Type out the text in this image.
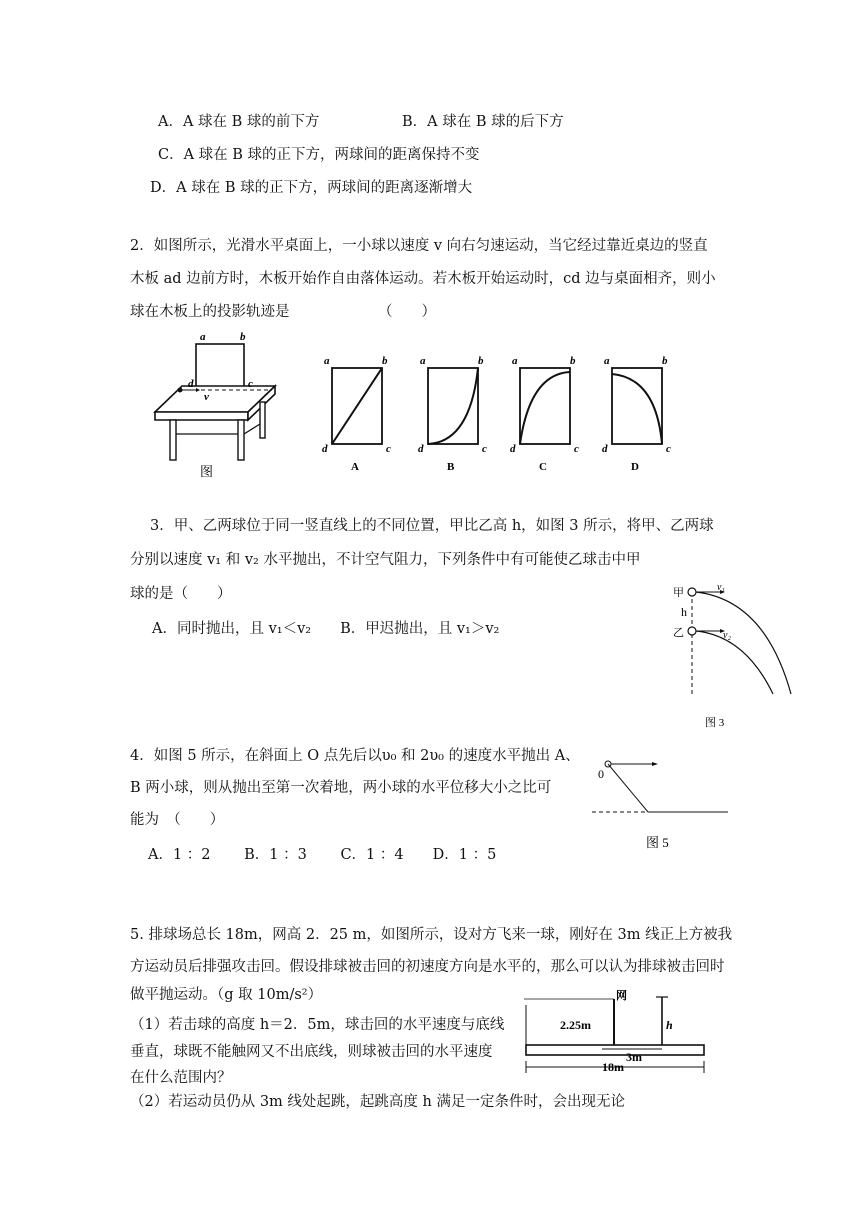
A．A 球在 B 球的前下方	B．A 球在 B 球的后下方
C．A 球在 B 球的正下方，两球间的距离保持不变
D．A 球在 B 球的正下方，两球间的距离逐渐增大
2．如图所示，光滑水平桌面上，一小球以速度 v 向右匀速运动，当它经过靠近桌边的竖直
木板 ad 边前方时，木板开始作自由落体运动。若木板开始运动时，cd 边与桌面相齐，则小
球在木板上的投影轨迹是	（　　）
a	b
c
d
v
图
a	b
d	c
A
a	b
d	c
B
a	b
d	c
C
a	b
d	c
D
3．甲、乙两球位于同一竖直线上的不同位置，甲比乙高 h，如图 3 所示，将甲、乙两球
分别以速度 v₁ 和 v₂ 水平抛出，不计空气阻力，下列条件中有可能使乙球击中甲
球的是（　　）
A．同时抛出，且 v₁＜v₂　　B．甲迟抛出，且 v₁＞v₂
甲
乙
h
v₁
v₂
图 3
4．如图 5 所示，在斜面上 O 点先后以υ₀ 和 2υ₀ 的速度水平抛出 A、
B 两小球，则从抛出至第一次着地，两小球的水平位移大小之比可
能为　（　　）
A．1 ：2　　 B．1 ：3　　 C．1 ：4　　D．1 ：5
0
图 5
5. 排球场总长 18m，网高 2．25 m，如图所示，设对方飞来一球，刚好在 3m 线正上方被我
方运动员后排强攻击回。假设排球被击回的初速度方向是水平的，那么可以认为排球被击回时
做平抛运动。（g 取 10m/s²）
（1）若击球的高度 h＝2．5m，球击回的水平速度与底线
垂直，球既不能触网又不出底线，则球被击回的水平速度
在什么范围内？
（2）若运动员仍从 3m 线处起跳，起跳高度 h 满足一定条件时，会出现无论
网
2.25m
3m
18m
h
